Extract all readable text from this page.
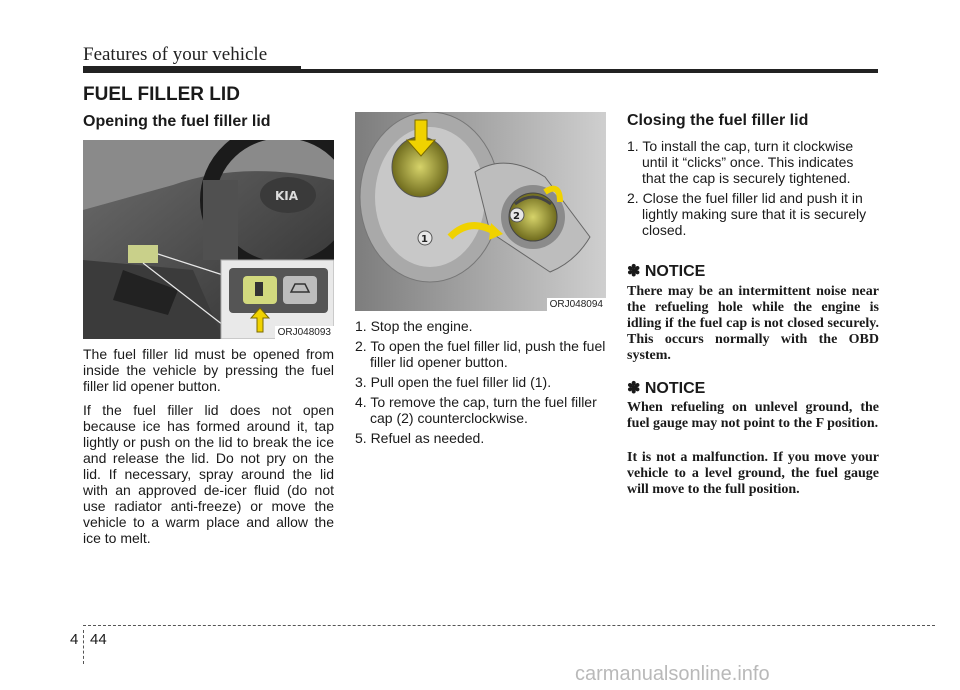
Features of your vehicle
FUEL FILLER LID
Opening the fuel filler lid
KIA
ORJ048093

The fuel filler lid must be opened from inside the vehicle by pressing the fuel filler lid opener button.

If the fuel filler lid does not open because ice has formed around it, tap lightly or push on the lid to break the ice and release the lid. Do not pry on the lid. If necessary, spray around the lid with an approved de-icer fluid (do not use radiator anti-freeze) or move the vehicle to a warm place and allow the ice to melt.

1
2
ORJ048094
1. Stop the engine.
2. To open the fuel filler lid, push the fuel filler lid opener button.
3. Pull open the fuel filler lid (1).
4. To remove the cap, turn the fuel filler cap (2) counterclockwise.
5. Refuel as needed.
Closing the fuel filler lid
1. To install the cap, turn it clockwise until it “clicks” once. This indicates that the cap is securely tightened.
2. Close the fuel filler lid and push it in lightly making sure that it is securely closed.
✽ NOTICE

There may be an intermittent noise near the refueling hole while the engine is idling if the fuel cap is not closed securely. This occurs normally with the OBD system.

✽ NOTICE

When refueling on unlevel ground, the fuel gauge may not point to the F position.

It is not a malfunction. If you move your vehicle to a level ground, the fuel gauge will move to the full position.

4 44
carmanualsonline.info
